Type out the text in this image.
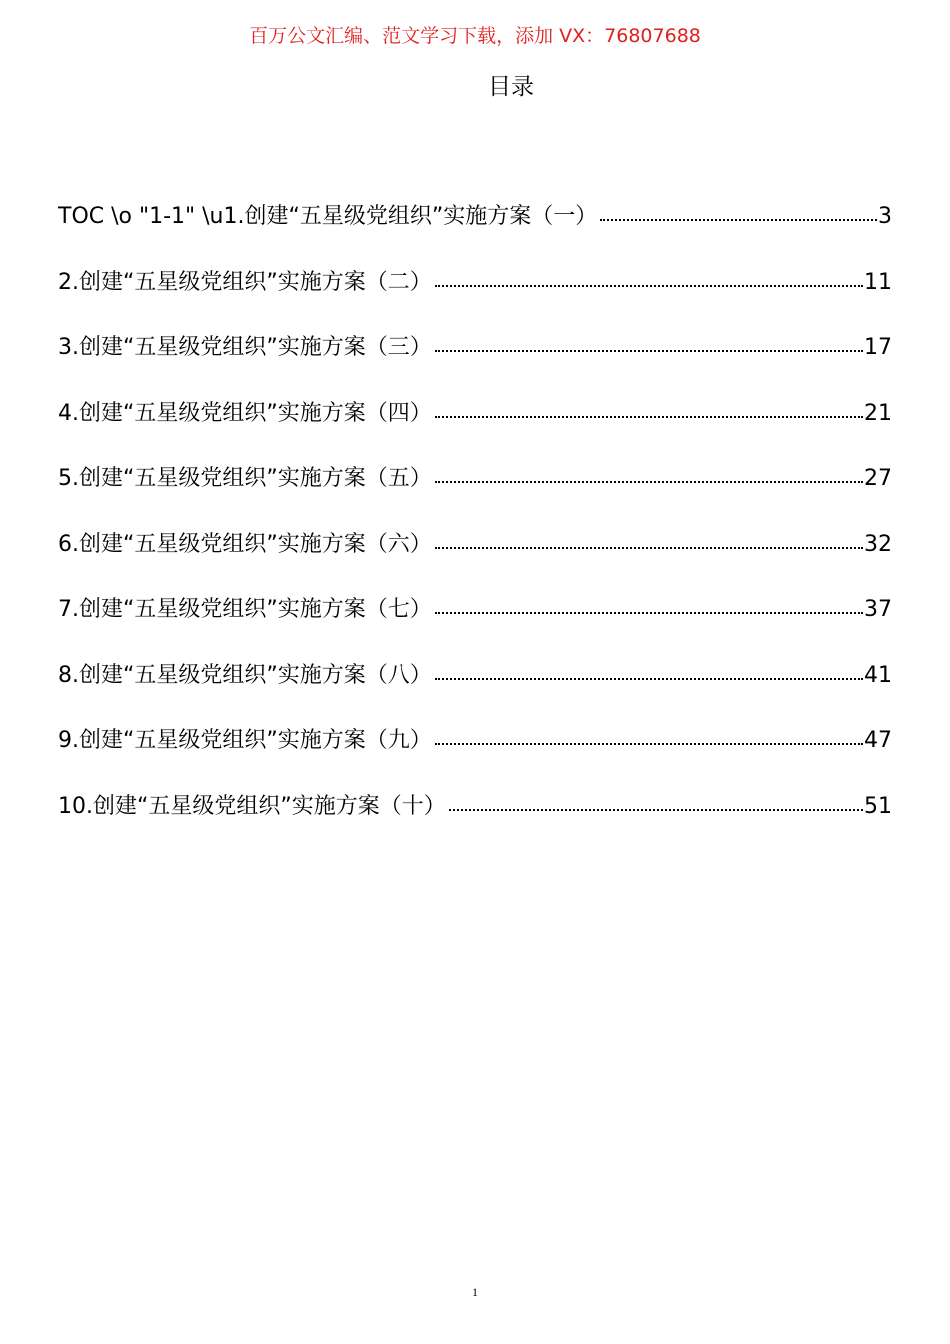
百万公文汇编、范文学习下载，添加 VX：76807688
目录
TOC \o "1-1" \u1.创建“五星级党组织”实施方案（一）	3
2.创建“五星级党组织”实施方案（二）	11
3.创建“五星级党组织”实施方案（三）	17
4.创建“五星级党组织”实施方案（四）	21
5.创建“五星级党组织”实施方案（五）	27
6.创建“五星级党组织”实施方案（六）	32
7.创建“五星级党组织”实施方案（七）	37
8.创建“五星级党组织”实施方案（八）	41
9.创建“五星级党组织”实施方案（九）	47
10.创建“五星级党组织”实施方案（十）	51
1
